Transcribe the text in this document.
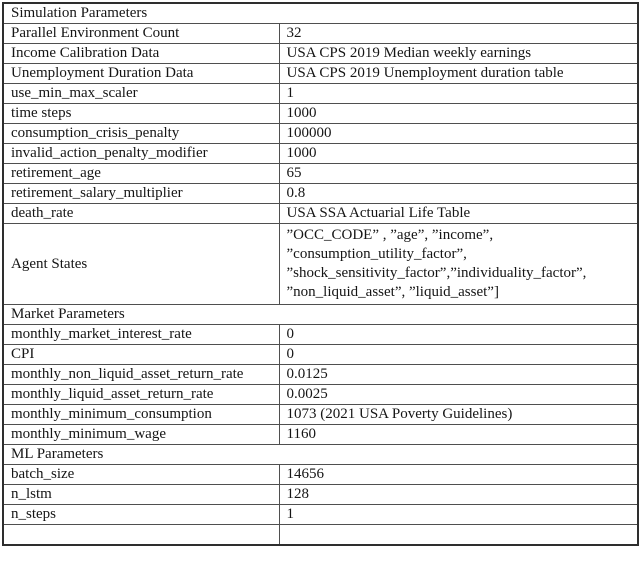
Simulation Parameters	
Parallel Environment Count	32
Income Calibration Data	USA CPS 2019 Median weekly earnings
Unemployment Duration Data	USA CPS 2019 Unemployment duration table
use_min_max_scaler	1
time steps	1000
consumption_crisis_penalty	100000
invalid_action_penalty_modifier	1000
retirement_age	65
retirement_salary_multiplier	0.8
death_rate	USA SSA Actuarial Life Table
Agent States	”OCC_CODE” , ”age”, ”income”,
”consumption_utility_factor”,
”shock_sensitivity_factor”,”individuality_factor”,
”non_liquid_asset”, ”liquid_asset”]

Market Parameters	
monthly_market_interest_rate	0
CPI	0
monthly_non_liquid_asset_return_rate	0.0125
monthly_liquid_asset_return_rate	0.0025
monthly_minimum_consumption	1073 (2021 USA Poverty Guidelines)
monthly_minimum_wage	1160
ML Parameters	
batch_size	14656
n_lstm	128
n_steps	1
